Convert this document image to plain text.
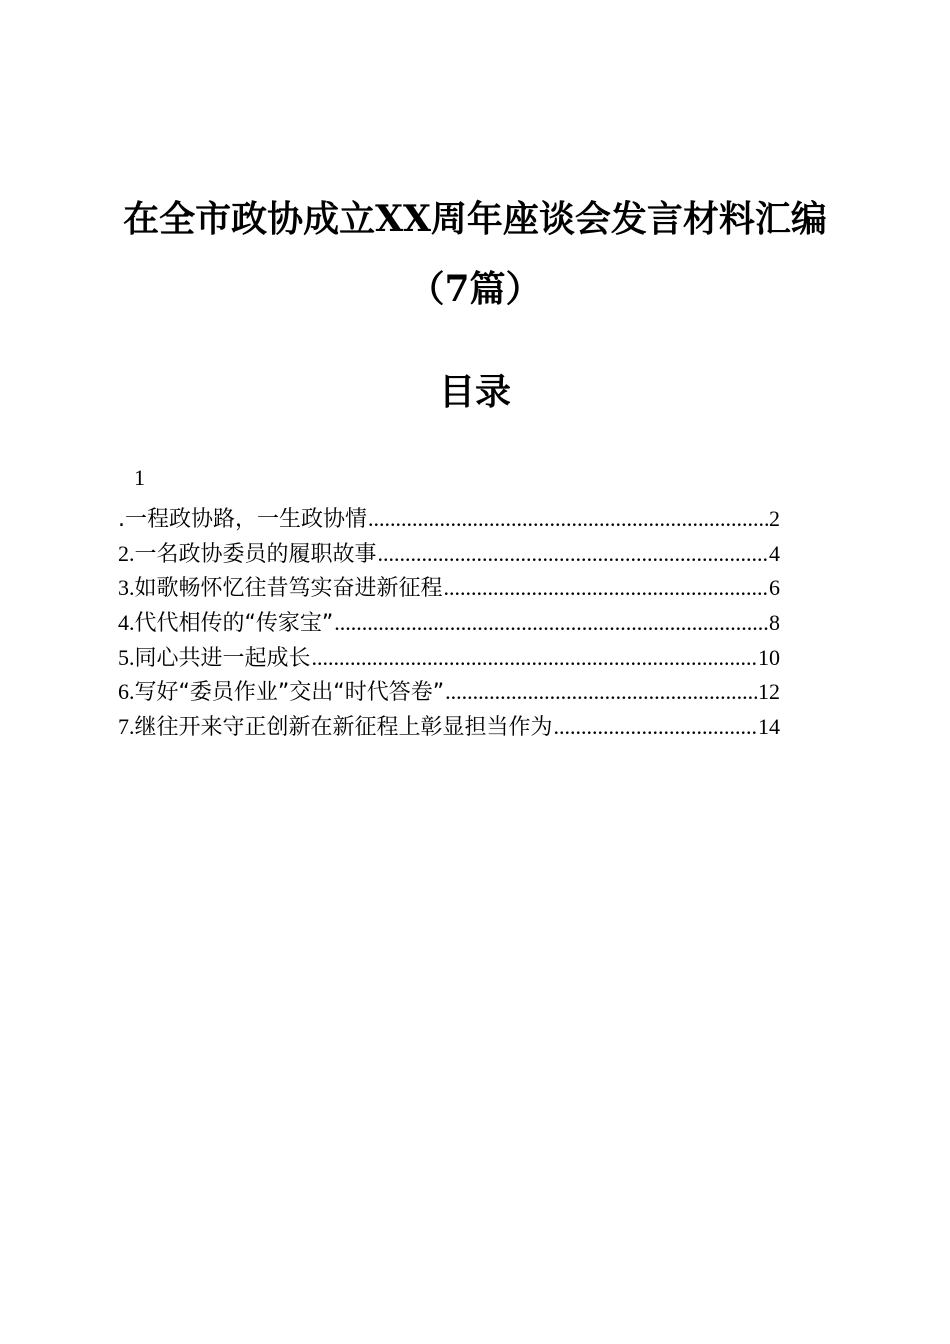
在全市政协成立XX周年座谈会发言材料汇编
（7篇）
目录
1
.一程政协路，一生政协情 .....	2
2.一名政协委员的履职故事 .....	4
3.如歌畅怀忆往昔笃实奋进新征程 .....	6
4.代代相传的“传家宝” .....	8
5.同心共进一起成长 .....	10
6.写好“委员作业”交出“时代答卷” .....	12
7.继往开来守正创新在新征程上彰显担当作为 .....	14
